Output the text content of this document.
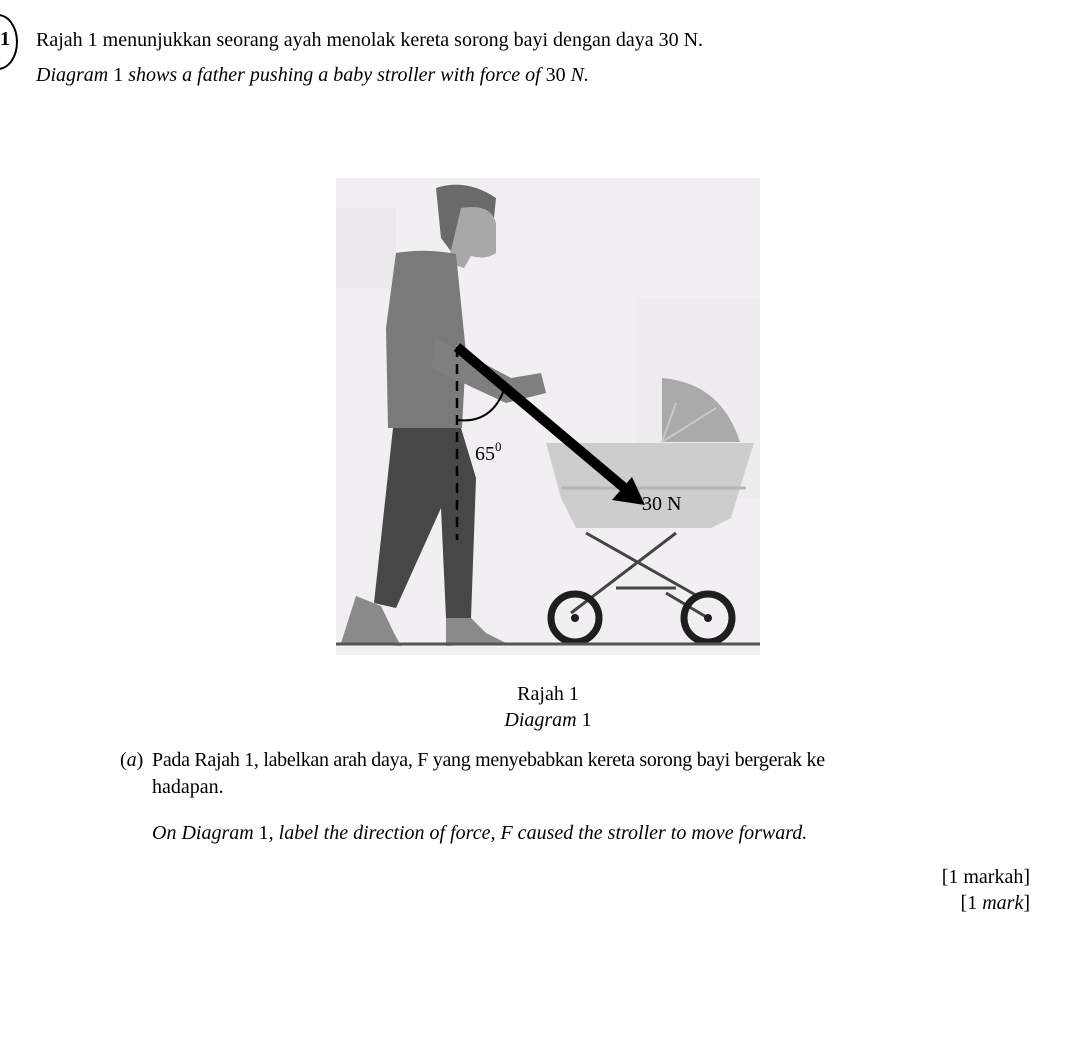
1 Rajah 1 menunjukkan seorang ayah menolak kereta sorong bayi dengan daya 30 N.
Diagram 1 shows a father pushing a baby stroller with force of 30 N.
$65^0$
30 N
Rajah 1
Diagram 1
(a) Pada Rajah 1, labelkan arah daya, F yang menyebabkan kereta sorong bayi bergerak ke
hadapan.
On Diagram 1, label the direction of force, F caused the stroller to move forward.
[1 markah]
[1 mark]
